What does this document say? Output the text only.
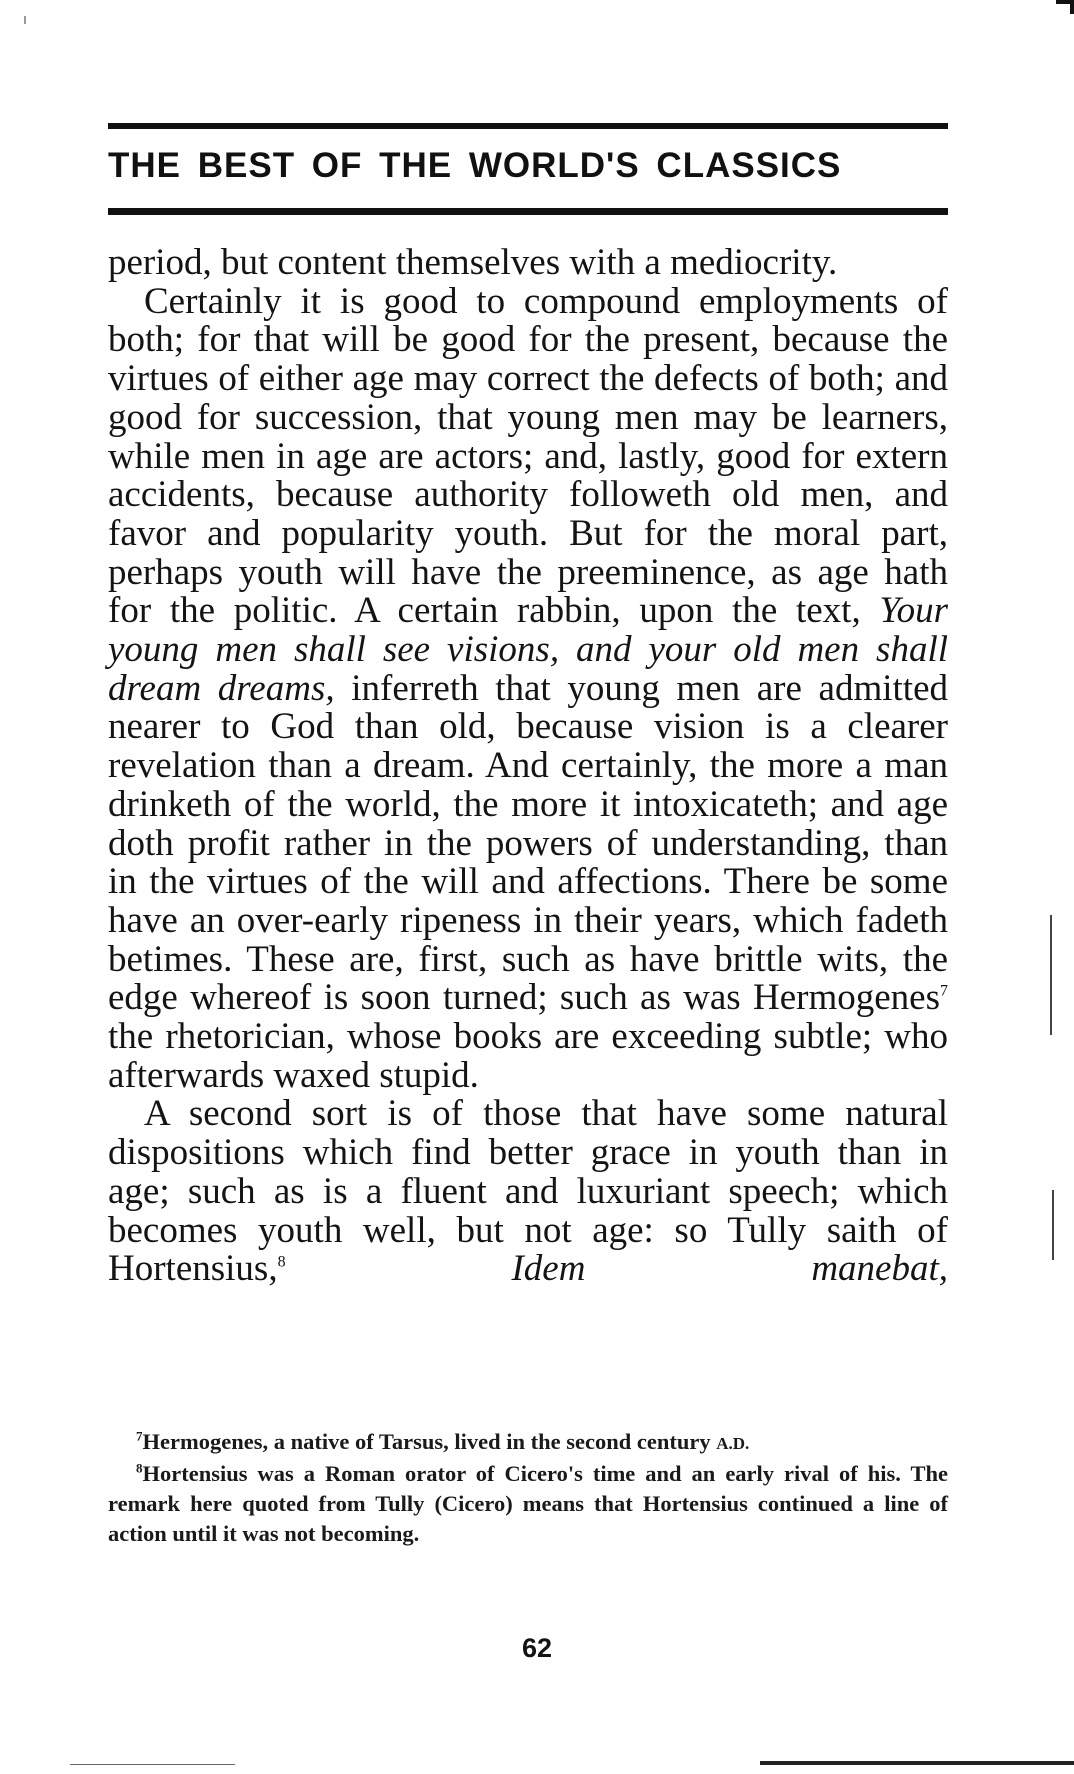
THE BEST OF THE WORLD'S CLASSICS

period, but content themselves with a mediocrity.

Certainly it is good to compound employments of both; for that will be good for the present, because the virtues of either age may correct the defects of both; and good for succession, that young men may be learners, while men in age are actors; and, lastly, good for extern accidents, because authority followeth old men, and favor and popularity youth. But for the moral part, perhaps youth will have the preeminence, as age hath for the politic. A certain rabbin, upon the text, Your young men shall see visions, and your old men shall dream dreams, inferreth that young men are admitted nearer to God than old, because vision is a clearer revelation than a dream. And certainly, the more a man drinketh of the world, the more it intoxicateth; and age doth profit rather in the powers of understanding, than in the virtues of the will and affections. There be some have an over-early ripeness in their years, which fadeth betimes. These are, first, such as have brittle wits, the edge whereof is soon turned; such as was Hermogenes$^7$ the rhetorician, whose books are exceeding subtle; who afterwards waxed stupid.

A second sort is of those that have some natural dispositions which find better grace in youth than in age; such as is a fluent and luxuriant speech; which becomes youth well, but not age: so Tully saith of Hortensius,$^8$	Idem manebat,

$^7$Hermogenes, a native of Tarsus, lived in the second century A.D.

$^8$Hortensius was a Roman orator of Cicero's time and an early rival of his. The remark here quoted from Tully (Cicero) means that Hortensius continued a line of action until it was not becoming.

62
